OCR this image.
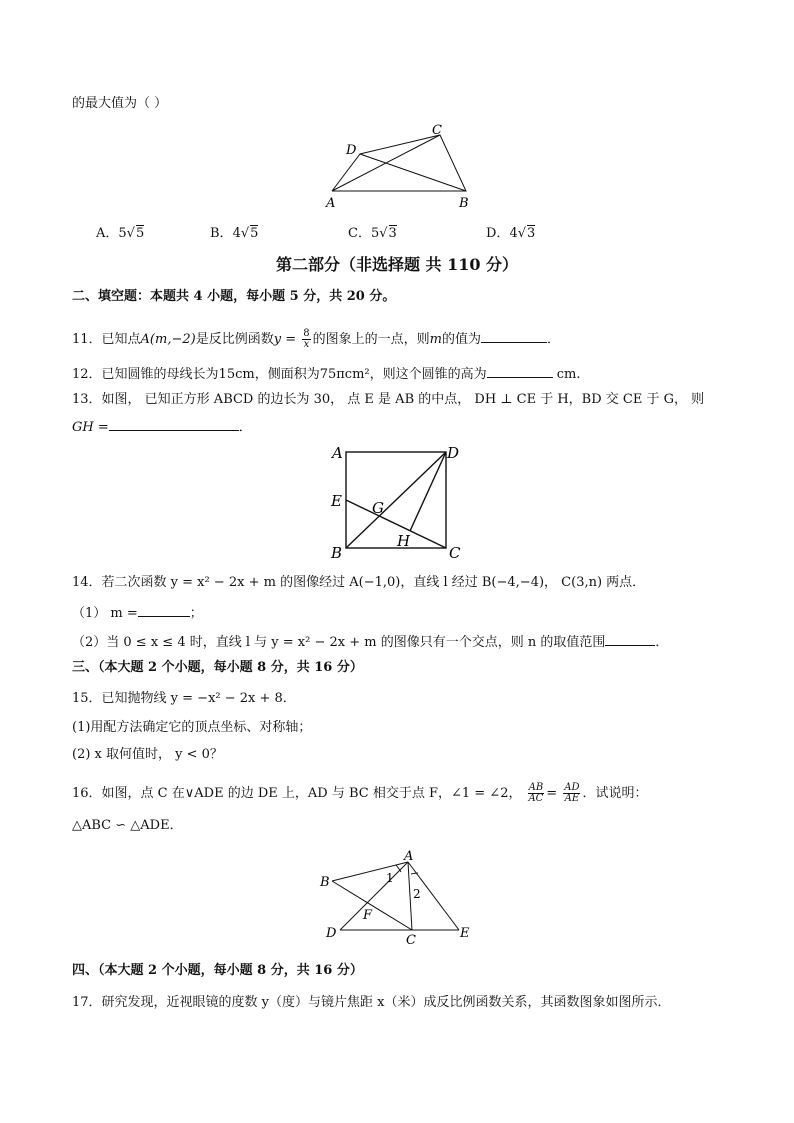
的最大值为（ ）
A	B
C
D
A．5√5	B．4√5	C．5√3	D．4√3
第二部分（非选择题 共 110 分）
二、填空题：本题共 4 小题，每小题 5 分，共 20 分。
11．已知点A(m,−2)是反比例函数$y = \frac{8}{x}$ 的图象上的一点，则m的值为	．
12．已知圆锥的母线长为15cm，侧面积为75πcm²，则这个圆锥的高为	cm.
13．如图， 已知正方形 ABCD 的边长为 30， 点 E 是 AB 的中点， DH ⊥ CE 于 H，BD 交 CE 于 G， 则
GH =	．
A	D
E G
H
B	C
14．若二次函数 y = x² − 2x + m 的图像经过 A(−1,0)，直线 l 经过 B(−4,−4)， C(3,n) 两点．
（1） m =	；
（2）当 0 ≤ x ≤ 4 时，直线 l 与 y = x² − 2x + m 的图像只有一个交点，则 n 的取值范围	．
三、（本大题 2 个小题，每小题 8 分，共 16 分）
15．已知抛物线 y = −x² − 2x + 8．
(1)用配方法确定它的顶点坐标、对称轴；
(2) x 取何值时， y < 0？
16．如图，点 C 在∨ADE 的边 DE 上，AD 与 BC 相交于点 F，∠1 = ∠2， $\frac{AB}{AC} = \frac{AD}{AE}$ ．试说明：
△ABC ∽ △ADE．
A
B
D	C	E
F
1
2
四、（本大题 2 个小题，每小题 8 分，共 16 分）
17．研究发现，近视眼镜的度数 y（度）与镜片焦距 x（米）成反比例函数关系，其函数图象如图所示．
